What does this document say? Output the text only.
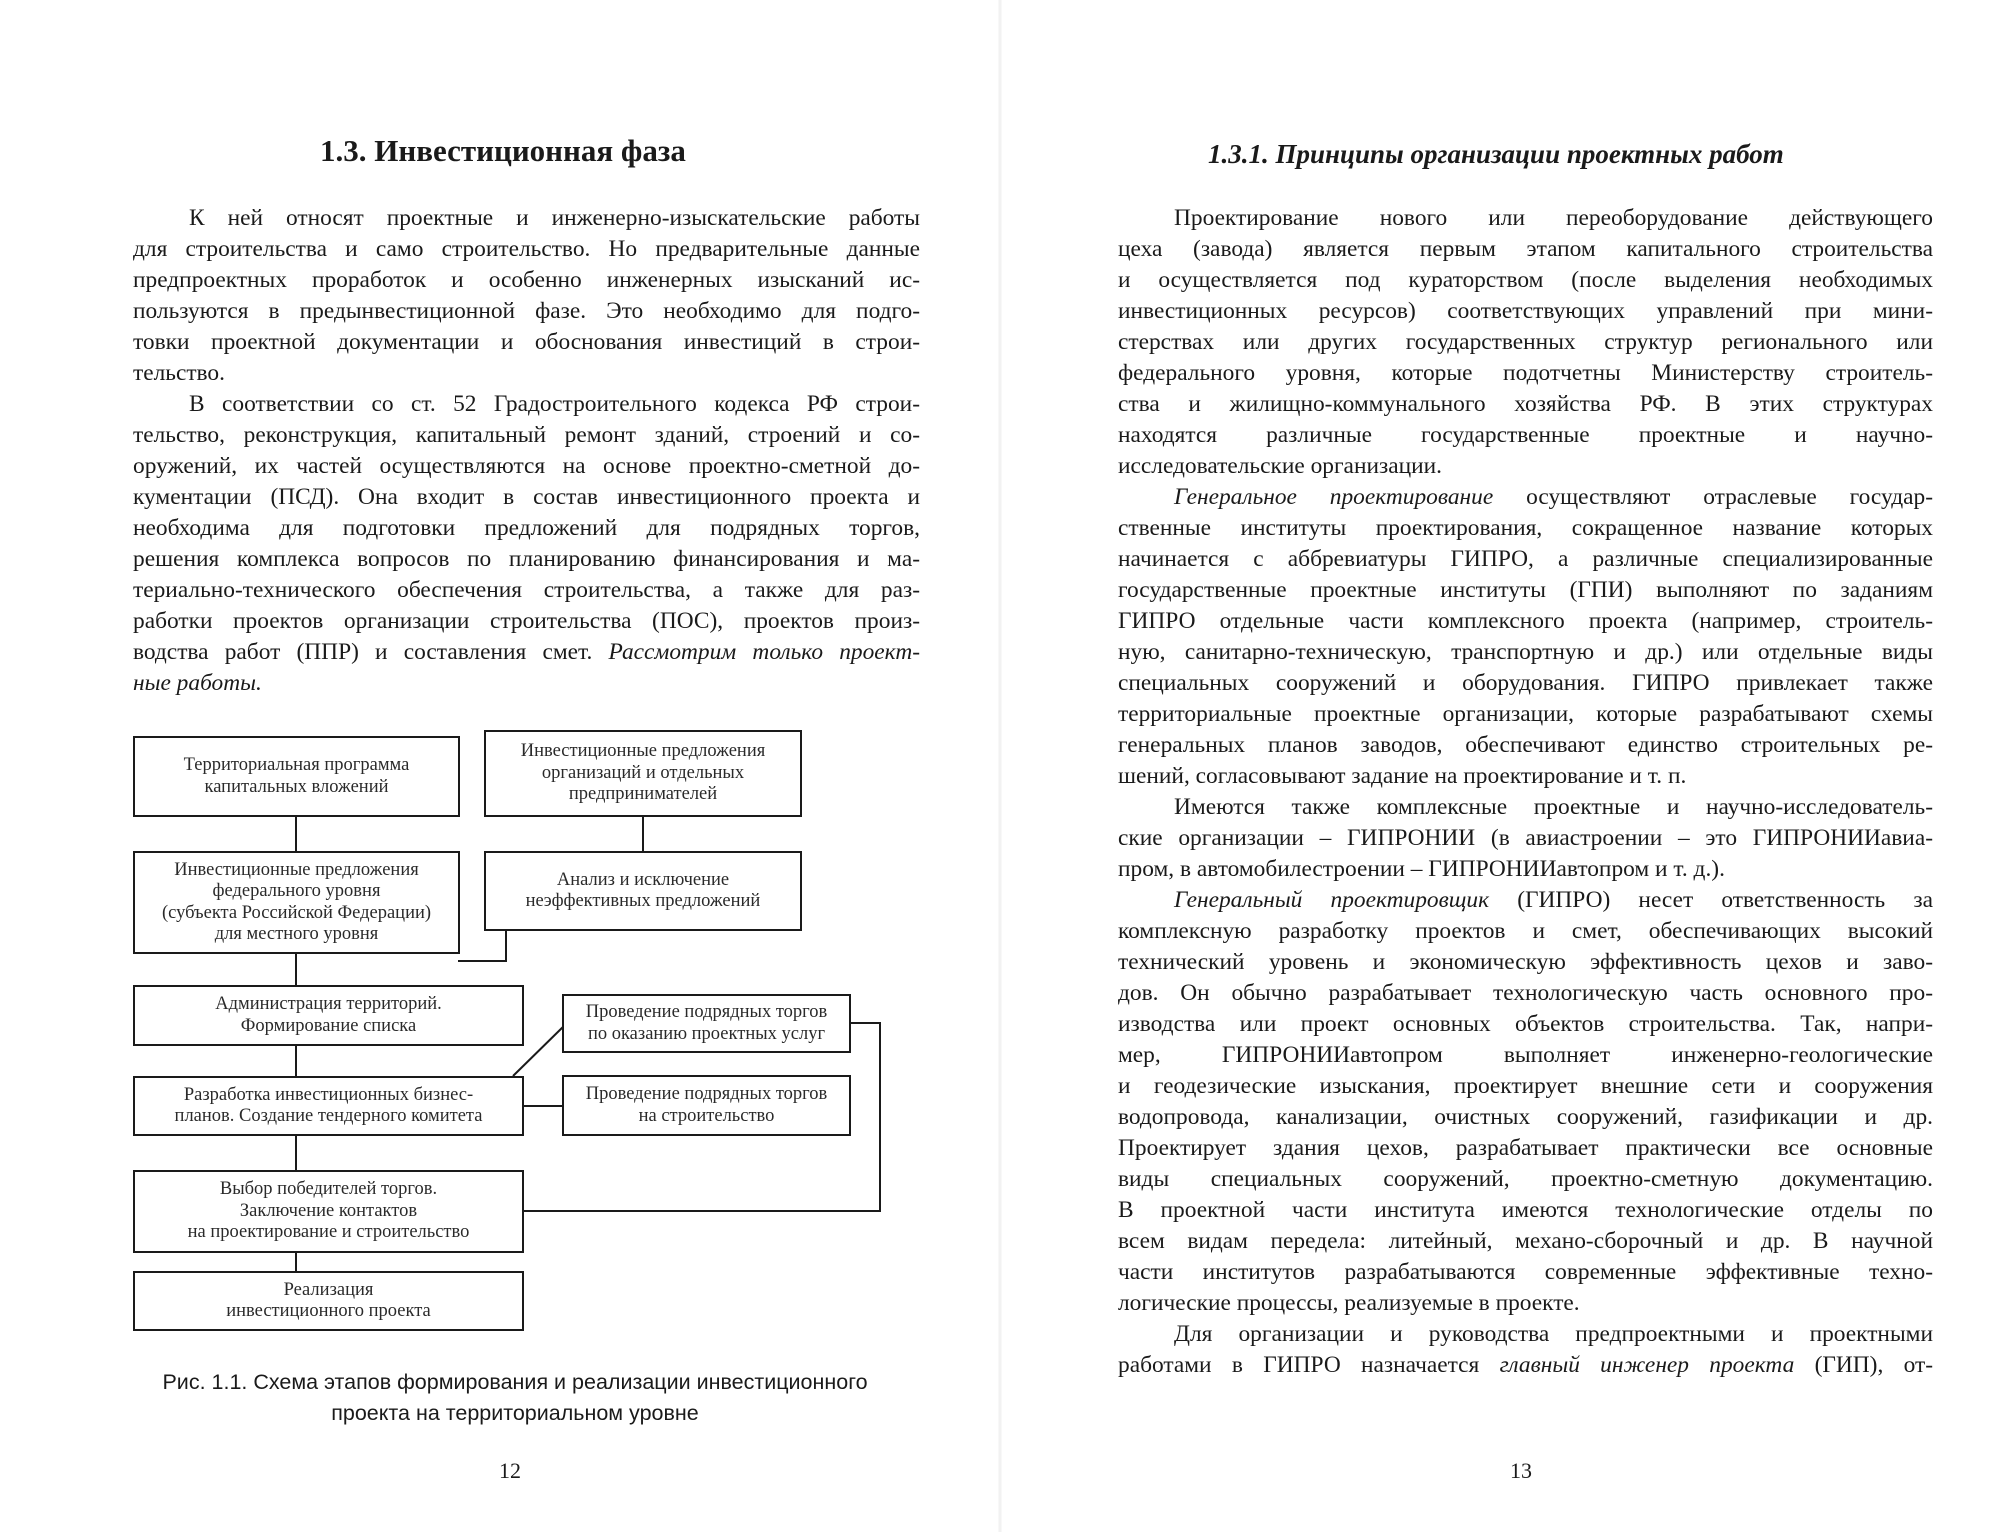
1.3. Инвестиционная фаза
К ней относят проектные и инженерно-изыскательские работы
для строительства и само строительство. Но предварительные данные
предпроектных проработок и особенно инженерных изысканий ис-
пользуются в предынвестиционной фазе. Это необходимо для подго-
товки проектной документации и обоснования инвестиций в строи-
тельство.
В соответствии со ст. 52 Градостроительного кодекса РФ строи-
тельство, реконструкция, капитальный ремонт зданий, строений и со-
оружений, их частей осуществляются на основе проектно-сметной до-
кументации (ПСД). Она входит в состав инвестиционного проекта и
необходима для подготовки предложений для подрядных торгов,
решения комплекса вопросов по планированию финансирования и ма-
териально-технического обеспечения строительства, а также для раз-
работки проектов организации строительства (ПОС), проектов произ-
водства работ (ППР) и составления смет. Рассмотрим только проект-
ные работы.
Территориальная программа
капитальных вложений
Инвестиционные предложения
организаций и отдельных
предпринимателей
Инвестиционные предложения
федерального уровня
(субъекта Российской Федерации)
для местного уровня
Анализ и исключение
неэффективных предложений
Администрация территорий.
Формирование списка
Проведение подрядных торгов
по оказанию проектных услуг
Разработка инвестиционных бизнес-
планов. Создание тендерного комитета
Проведение подрядных торгов
на строительство
Выбор победителей торгов.
Заключение контактов
на проектирование и строительство
Реализация
инвестиционного проекта
Рис. 1.1. Схема этапов формирования и реализации инвестиционного
проекта на территориальном уровне
12
1.3.1. Принципы организации проектных работ
Проектирование нового или переоборудование действующего
цеха (завода) является первым этапом капитального строительства
и осуществляется под кураторством (после выделения необходимых
инвестиционных ресурсов) соответствующих управлений при мини-
стерствах или других государственных структур регионального или
федерального уровня, которые подотчетны Министерству строитель-
ства и жилищно-коммунального хозяйства РФ. В этих структурах
находятся различные государственные проектные и научно-
исследовательские организации.
Генеральное проектирование осуществляют отраслевые государ-
ственные институты проектирования, сокращенное название которых
начинается с аббревиатуры ГИПРО, а различные специализированные
государственные проектные институты (ГПИ) выполняют по заданиям
ГИПРО отдельные части комплексного проекта (например, строитель-
ную, санитарно-техническую, транспортную и др.) или отдельные виды
специальных сооружений и оборудования. ГИПРО привлекает также
территориальные проектные организации, которые разрабатывают схемы
генеральных планов заводов, обеспечивают единство строительных ре-
шений, согласовывают задание на проектирование и т. п.
Имеются также комплексные проектные и научно-исследователь-
ские организации – ГИПРОНИИ (в авиастроении – это ГИПРОНИИавиа-
пром, в автомобилестроении – ГИПРОНИИавтопром и т. д.).
Генеральный проектировщик (ГИПРО) несет ответственность за
комплексную разработку проектов и смет, обеспечивающих высокий
технический уровень и экономическую эффективность цехов и заво-
дов. Он обычно разрабатывает технологическую часть основного про-
изводства или проект основных объектов строительства. Так, напри-
мер, ГИПРОНИИавтопром выполняет инженерно-геологические
и геодезические изыскания, проектирует внешние сети и сооружения
водопровода, канализации, очистных сооружений, газификации и др.
Проектирует здания цехов, разрабатывает практически все основные
виды специальных сооружений, проектно-сметную документацию.
В проектной части института имеются технологические отделы по
всем видам передела: литейный, механо-сборочный и др. В научной
части институтов разрабатываются современные эффективные техно-
логические процессы, реализуемые в проекте.
Для организации и руководства предпроектными и проектными
работами в ГИПРО назначается главный инженер проекта (ГИП), от-
13
